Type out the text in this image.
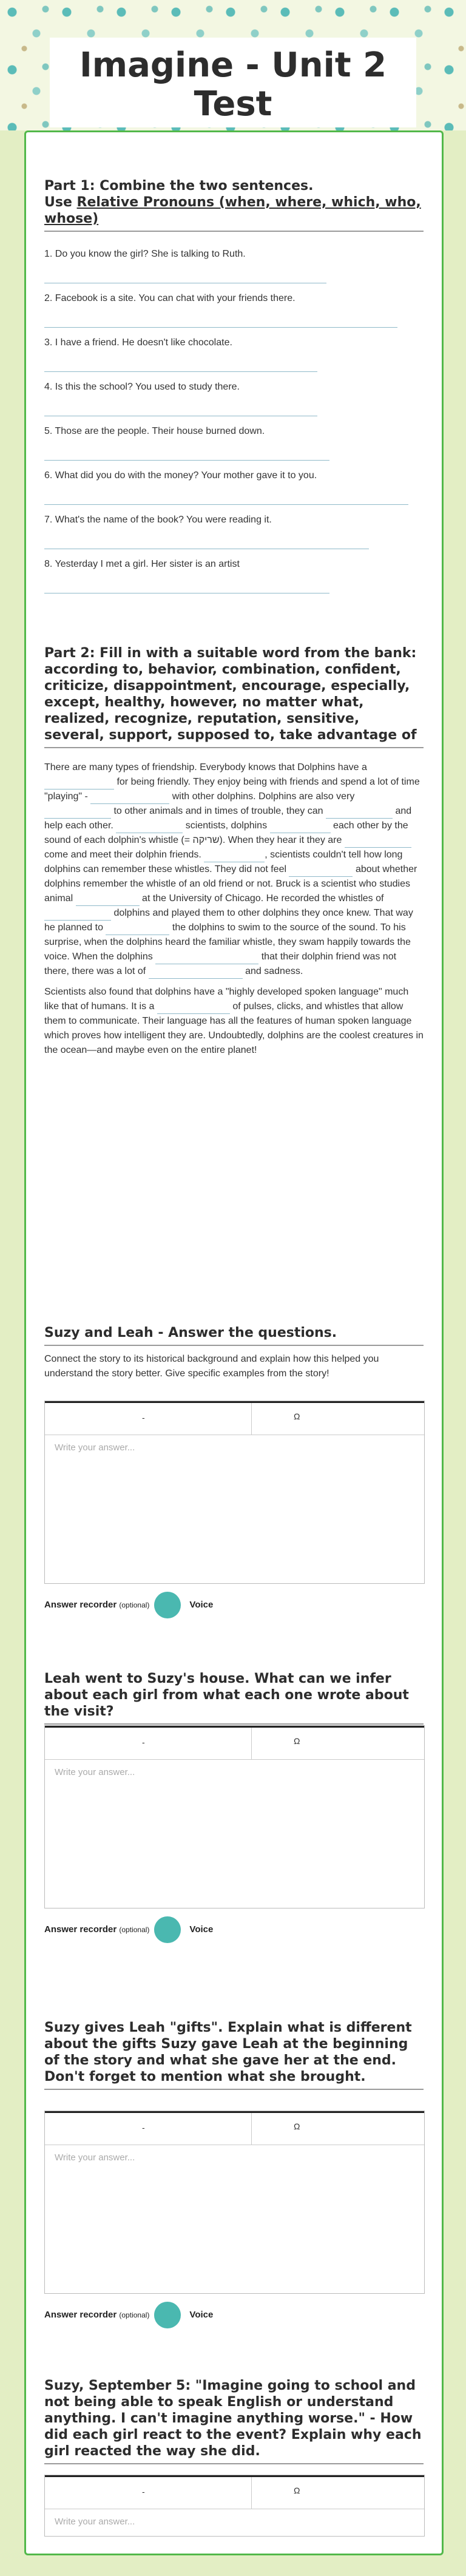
Imagine - Unit 2 Test

Part 1: Combine the two sentences.

Use Relative Pronouns (when, where, which, who, whose)

1. Do you know the girl? She is talking to Ruth.
2. Facebook is a site. You can chat with your friends there.
3. I have a friend. He doesn't like chocolate.
4. Is this the school? You used to study there.
5. Those are the people. Their house burned down.
6. What did you do with the money? Your mother gave it to you.
7. What's the name of the book? You were reading it.
8. Yesterday I met a girl. Her sister is an artist

Part 2: Fill in with a suitable word from the bank:

according to, behavior, combination, confident, criticize, disappointment, encourage, especially, except, healthy, however, no matter what, realized, recognize, reputation, sensitive, several, support, supposed to, take advantage of

There are many types of friendship. Everybody knows that Dolphins have a  for being friendly. They enjoy being with friends and spend a lot of time "playing" -	with other dolphins. Dolphins are also very  to other animals and in times of trouble, they can	and help each other.	scientists, dolphins	each other by the sound of each dolphin's whistle (= שריקה). When they hear it they are  come and meet their dolphin friends.	, scientists couldn't tell how long dolphins can remember these whistles. They did not feel	about whether dolphins remember the whistle of an old friend or not. Bruck is a scientist who studies animal	at the University of Chicago. He recorded the whistles of  dolphins and played them to other dolphins they once knew. That way he planned to	the dolphins to swim to the source of the sound. To his surprise, when the dolphins heard the familiar whistle, they swam happily towards the voice. When the dolphins	that their dolphin friend was not there, there was a lot of	and sadness.

Scientists also found that dolphins have a "highly developed spoken language" much like that of humans. It is a	of pulses, clicks, and whistles that allow them to communicate. Their language has all the features of human spoken language which proves how intelligent they are. Undoubtedly, dolphins are the coolest creatures in the ocean—and maybe even on the entire planet!

Suzy and Leah - Answer the questions.

Connect the story to its historical background and explain how this helped you understand the story better. Give specific examples from the story!

-	Ω
Write your answer...
Answer recorder (optional)	Voice

Leah went to Suzy's house. What can we infer about each girl from what each one wrote about the visit?

-	Ω
Write your answer...
Answer recorder (optional)	Voice

Suzy gives Leah "gifts". Explain what is different about the gifts Suzy gave Leah at the beginning of the story and what she gave her at the end. Don't forget to mention what she brought.

-	Ω
Write your answer...
Answer recorder (optional)	Voice

Suzy, September 5: "Imagine going to school and not being able to speak English or understand anything. I can't imagine anything worse." - How did each girl react to the event? Explain why each girl reacted the way she did.

-	Ω
Write your answer...
